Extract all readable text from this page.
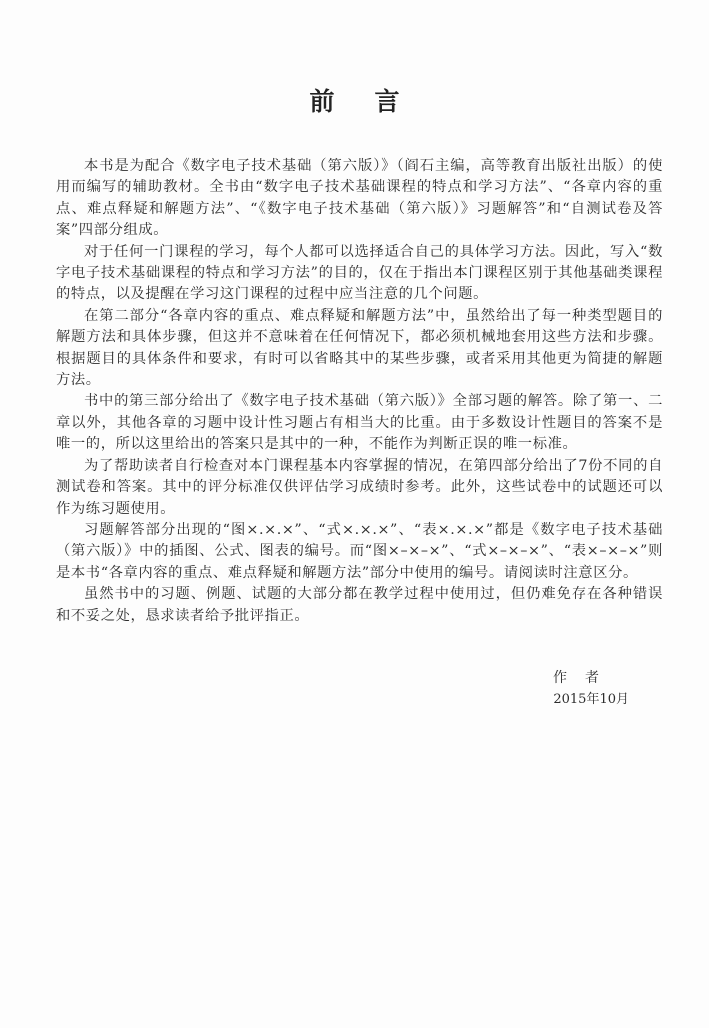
前言

本书是为配合《数字电子技术基础（第六版）》（阎石主编，高等教育出版社出版）的使用而编写的辅助教材。全书由“数字电子技术基础课程的特点和学习方法”、“各章内容的重点、难点释疑和解题方法”、“《数字电子技术基础（第六版）》习题解答”和“自测试卷及答案”四部分组成。

对于任何一门课程的学习，每个人都可以选择适合自己的具体学习方法。因此，写入“数字电子技术基础课程的特点和学习方法”的目的，仅在于指出本门课程区别于其他基础类课程的特点，以及提醒在学习这门课程的过程中应当注意的几个问题。

在第二部分“各章内容的重点、难点释疑和解题方法”中，虽然给出了每一种类型题目的解题方法和具体步骤，但这并不意味着在任何情况下，都必须机械地套用这些方法和步骤。根据题目的具体条件和要求，有时可以省略其中的某些步骤，或者采用其他更为简捷的解题方法。

书中的第三部分给出了《数字电子技术基础（第六版）》全部习题的解答。除了第一、二章以外，其他各章的习题中设计性习题占有相当大的比重。由于多数设计性题目的答案不是唯一的，所以这里给出的答案只是其中的一种，不能作为判断正误的唯一标准。

为了帮助读者自行检查对本门课程基本内容掌握的情况，在第四部分给出了7份不同的自测试卷和答案。其中的评分标准仅供评估学习成绩时参考。此外，这些试卷中的试题还可以作为练习题使用。

习题解答部分出现的“图×.×.×”、“式×.×.×”、“表×.×.×”都是《数字电子技术基础（第六版）》中的插图、公式、图表的编号。而“图×–×–×”、“式×–×–×”、“表×–×–×”则是本书“各章内容的重点、难点释疑和解题方法”部分中使用的编号。请阅读时注意区分。

虽然书中的习题、例题、试题的大部分都在教学过程中使用过，但仍难免存在各种错误和不妥之处，恳求读者给予批评指正。

作者
2015年10月
